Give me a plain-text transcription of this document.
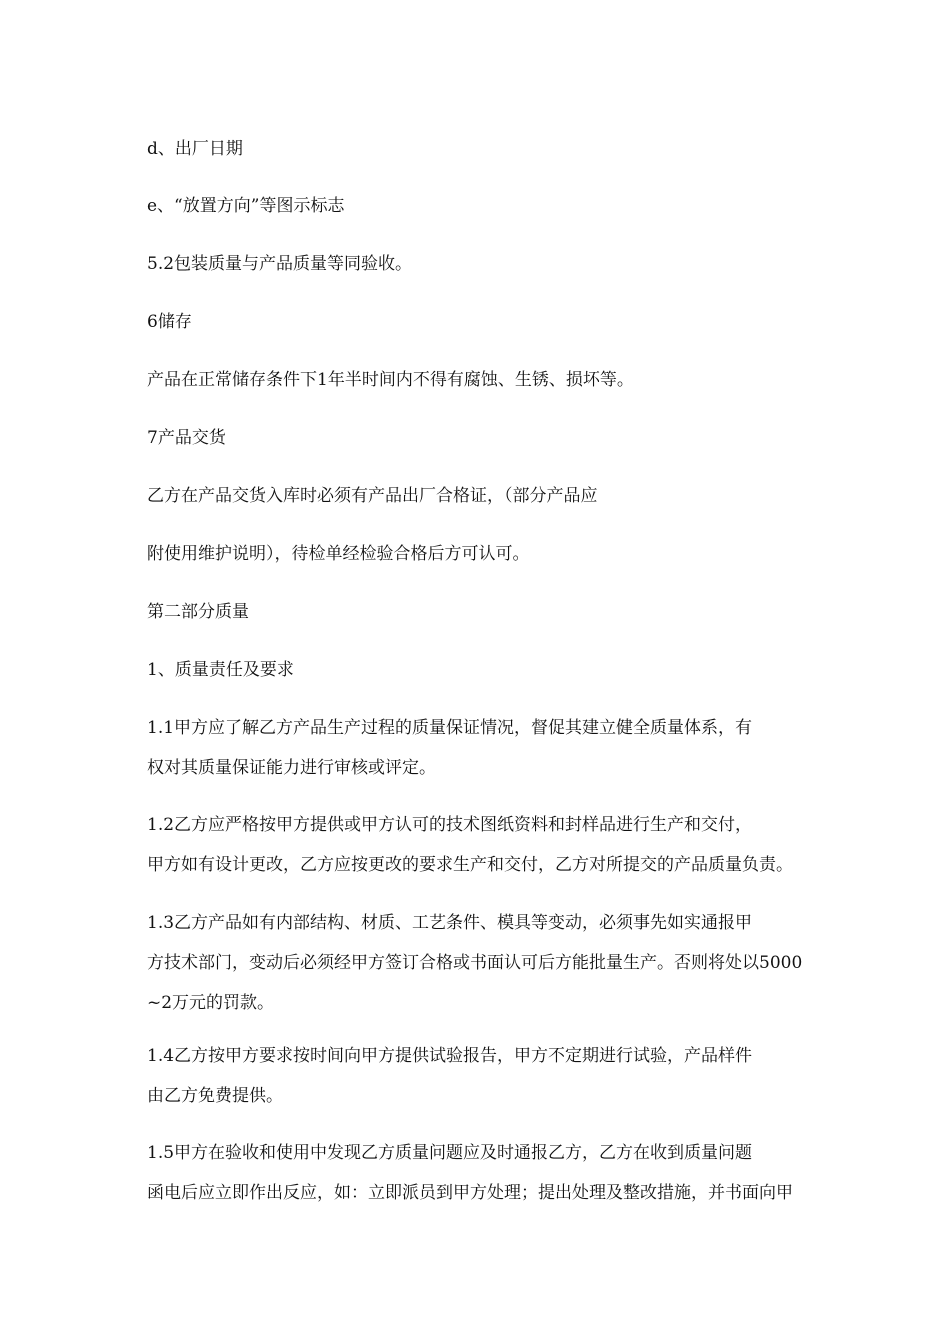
d、出厂日期
e、“放置方向”等图示标志
5.2包装质量与产品质量等同验收。
6储存
产品在正常储存条件下1年半时间内不得有腐蚀、生锈、损坏等。
7产品交货
乙方在产品交货入库时必须有产品出厂合格证，（部分产品应
附使用维护说明），待检单经检验合格后方可认可。
第二部分质量
1、质量责任及要求
1.1甲方应了解乙方产品生产过程的质量保证情况，督促其建立健全质量体系，有
权对其质量保证能力进行审核或评定。
1.2乙方应严格按甲方提供或甲方认可的技术图纸资料和封样品进行生产和交付，
甲方如有设计更改，乙方应按更改的要求生产和交付，乙方对所提交的产品质量负责。
1.3乙方产品如有内部结构、材质、工艺条件、模具等变动，必须事先如实通报甲
方技术部门，变动后必须经甲方签订合格或书面认可后方能批量生产。否则将处以5000
~2万元的罚款。
1.4乙方按甲方要求按时间向甲方提供试验报告，甲方不定期进行试验，产品样件
由乙方免费提供。
1.5甲方在验收和使用中发现乙方质量问题应及时通报乙方，乙方在收到质量问题
函电后应立即作出反应，如：立即派员到甲方处理；提出处理及整改措施，并书面向甲
